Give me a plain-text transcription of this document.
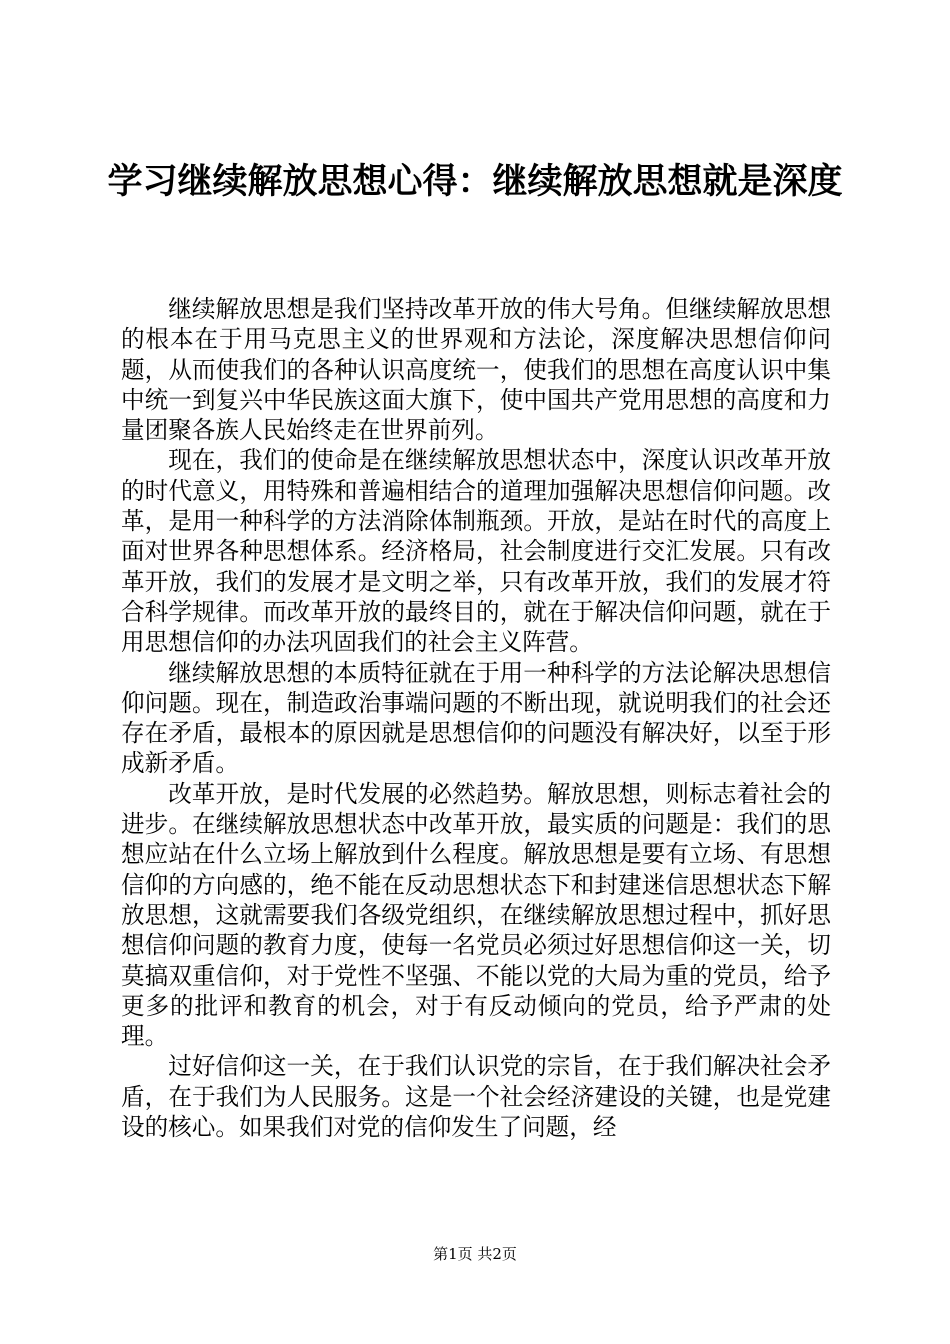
学习继续解放思想心得：继续解放思想就是深度

继续解放思想是我们坚持改革开放的伟大号角。但继续解放思想的根本在于用马克思主义的世界观和方法论，深度解决思想信仰问题，从而使我们的各种认识高度统一，使我们的思想在高度认识中集中统一到复兴中华民族这面大旗下，使中国共产党用思想的高度和力量团聚各族人民始终走在世界前列。

现在，我们的使命是在继续解放思想状态中，深度认识改革开放的时代意义，用特殊和普遍相结合的道理加强解决思想信仰问题。改革，是用一种科学的方法消除体制瓶颈。开放，是站在时代的高度上面对世界各种思想体系。经济格局，社会制度进行交汇发展。只有改革开放，我们的发展才是文明之举，只有改革开放，我们的发展才符合科学规律。而改革开放的最终目的，就在于解决信仰问题，就在于用思想信仰的办法巩固我们的社会主义阵营。

继续解放思想的本质特征就在于用一种科学的方法论解决思想信仰问题。现在，制造政治事端问题的不断出现，就说明我们的社会还存在矛盾，最根本的原因就是思想信仰的问题没有解决好，以至于形成新矛盾。

改革开放，是时代发展的必然趋势。解放思想，则标志着社会的进步。在继续解放思想状态中改革开放，最实质的问题是：我们的思想应站在什么立场上解放到什么程度。解放思想是要有立场、有思想信仰的方向感的，绝不能在反动思想状态下和封建迷信思想状态下解放思想，这就需要我们各级党组织，在继续解放思想过程中，抓好思想信仰问题的教育力度，使每一名党员必须过好思想信仰这一关，切莫搞双重信仰，对于党性不坚强、不能以党的大局为重的党员，给予更多的批评和教育的机会，对于有反动倾向的党员，给予严肃的处理。

过好信仰这一关，在于我们认识党的宗旨，在于我们解决社会矛盾，在于我们为人民服务。这是一个社会经济建设的关键，也是党建设的核心。如果我们对党的信仰发生了问题，经

第1页 共2页
